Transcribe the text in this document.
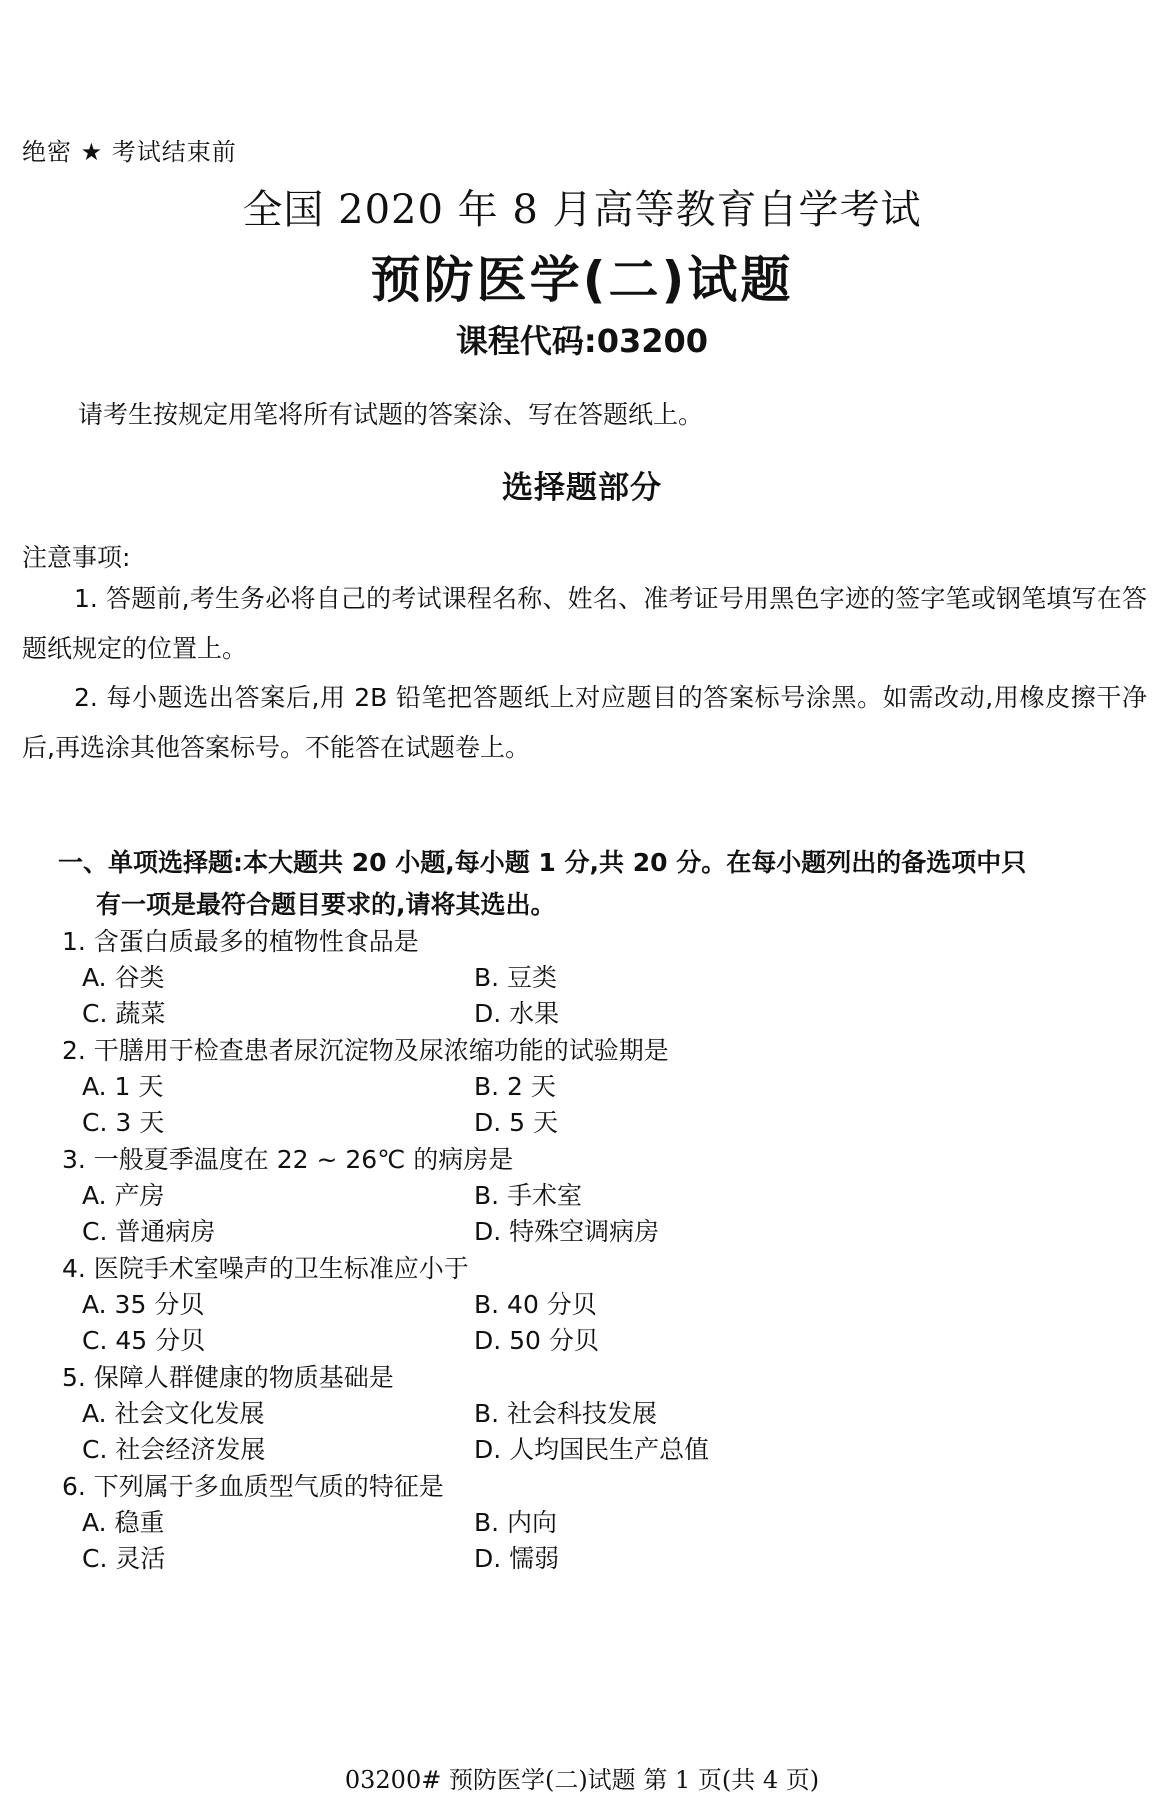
绝密 ★ 考试结束前
全国 2020 年 8 月高等教育自学考试
预防医学(二)试题
课程代码:03200
请考生按规定用笔将所有试题的答案涂、写在答题纸上。
选择题部分
注意事项:
1. 答题前,考生务必将自己的考试课程名称、姓名、准考证号用黑色字迹的签字笔或钢笔填写在答题纸规定的位置上。
2. 每小题选出答案后,用 2B 铅笔把答题纸上对应题目的答案标号涂黑。如需改动,用橡皮擦干净后,再选涂其他答案标号。不能答在试题卷上。
一、单项选择题:本大题共 20 小题,每小题 1 分,共 20 分。在每小题列出的备选项中只
有一项是最符合题目要求的,请将其选出。
1. 含蛋白质最多的植物性食品是
A. 谷类	B. 豆类
C. 蔬菜	D. 水果
2. 干膳用于检查患者尿沉淀物及尿浓缩功能的试验期是
A. 1 天	B. 2 天
C. 3 天	D. 5 天
3. 一般夏季温度在 22 ~ 26℃ 的病房是
A. 产房	B. 手术室
C. 普通病房	D. 特殊空调病房
4. 医院手术室噪声的卫生标准应小于
A. 35 分贝	B. 40 分贝
C. 45 分贝	D. 50 分贝
5. 保障人群健康的物质基础是
A. 社会文化发展	B. 社会科技发展
C. 社会经济发展	D. 人均国民生产总值
6. 下列属于多血质型气质的特征是
A. 稳重	B. 内向
C. 灵活	D. 懦弱
03200# 预防医学(二)试题 第 1 页(共 4 页)
